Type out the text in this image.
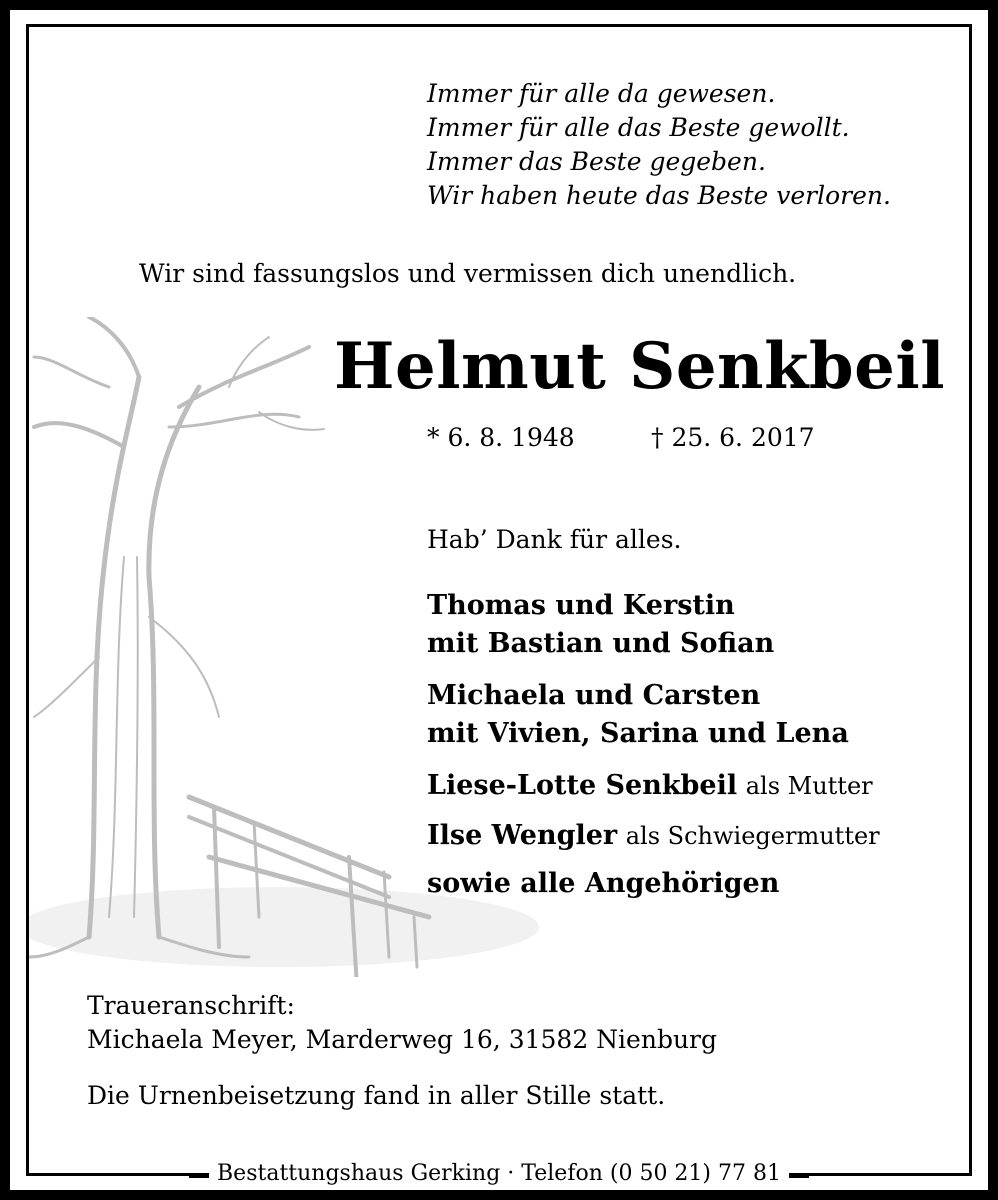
Immer für alle da gewesen.
Immer für alle das Beste gewollt.
Immer das Beste gegeben.
Wir haben heute das Beste verloren.
Wir sind fassungslos und vermissen dich unendlich.
Helmut Senkbeil
* 6. 8. 1948	† 25. 6. 2017
Hab’ Dank für alles.
Thomas und Kerstin
mit Bastian und Sofian
Michaela und Carsten
mit Vivien, Sarina und Lena
Liese-Lotte Senkbeil als Mutter
Ilse Wengler als Schwiegermutter
sowie alle Angehörigen
Traueranschrift:
Michaela Meyer, Marderweg 16, 31582 Nienburg
Die Urnenbeisetzung fand in aller Stille statt.
Bestattungshaus Gerking · Telefon (0 50 21) 77 81
